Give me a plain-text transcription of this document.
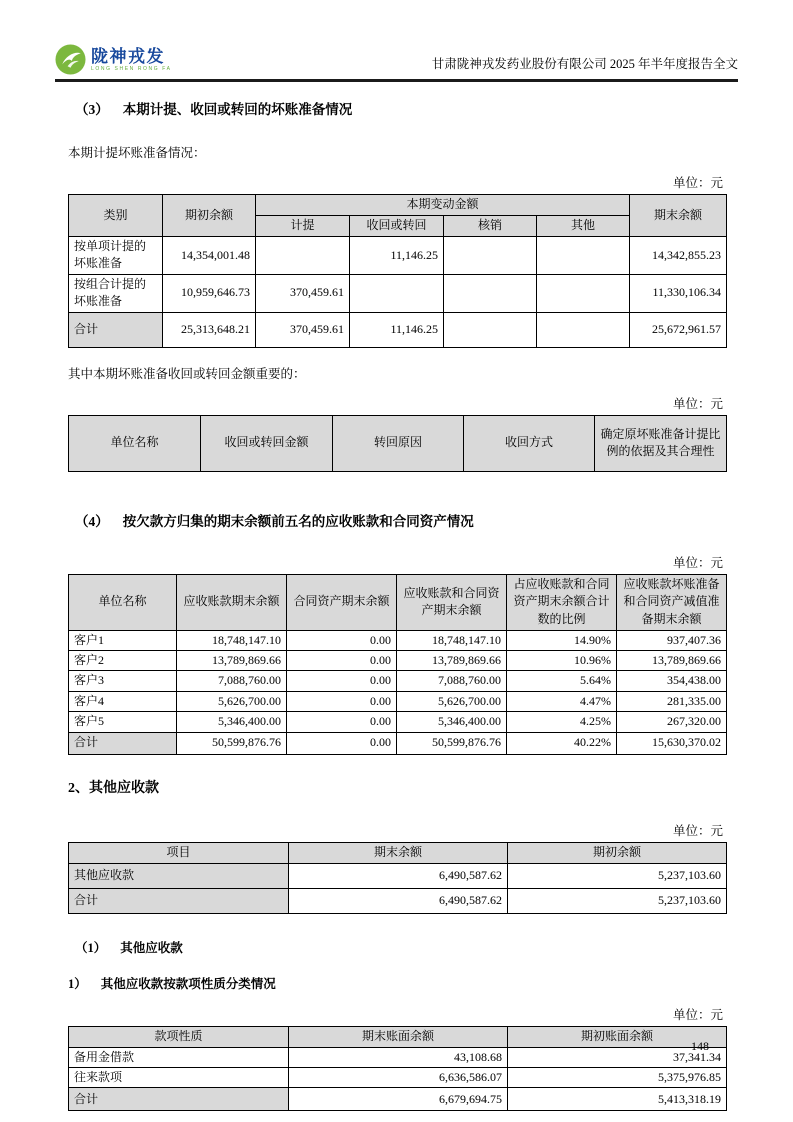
陇神戎发
LONG SHEN RONG FA	甘肃陇神戎发药业股份有限公司 2025 年半年度报告全文
（3） 本期计提、收回或转回的坏账准备情况
本期计提坏账准备情况：
单位：元
类别	期初余额	本期变动金额				期末余额
		计提	收回或转回	核销	其他	
按单项计提的坏账准备	14,354,001.48		11,146.25			14,342,855.23
按组合计提的坏账准备	10,959,646.73	370,459.61				11,330,106.34
合计	25,313,648.21	370,459.61	11,146.25			25,672,961.57
其中本期坏账准备收回或转回金额重要的：
单位：元
单位名称	收回或转回金额	转回原因	收回方式	确定原坏账准备计提比例的依据及其合理性
（4） 按欠款方归集的期末余额前五名的应收账款和合同资产情况
单位：元
单位名称	应收账款期末余额	合同资产期末余额	应收账款和合同资产期末余额	占应收账款和合同资产期末余额合计数的比例	应收账款坏账准备和合同资产减值准备期末余额
客户1	18,748,147.10	0.00	18,748,147.10	14.90%	937,407.36
客户2	13,789,869.66	0.00	13,789,869.66	10.96%	13,789,869.66
客户3	7,088,760.00	0.00	7,088,760.00	5.64%	354,438.00
客户4	5,626,700.00	0.00	5,626,700.00	4.47%	281,335.00
客户5	5,346,400.00	0.00	5,346,400.00	4.25%	267,320.00
合计	50,599,876.76	0.00	50,599,876.76	40.22%	15,630,370.02
2、 其他应收款
单位：元
项目	期末余额	期初余额
其他应收款	6,490,587.62	5,237,103.60
合计	6,490,587.62	5,237,103.60
（1） 其他应收款
1） 其他应收款按款项性质分类情况
单位：元
款项性质	期末账面余额	期初账面余额
备用金借款	43,108.68	37,341.34
往来款项	6,636,586.07	5,375,976.85
合计	6,679,694.75	5,413,318.19
148
